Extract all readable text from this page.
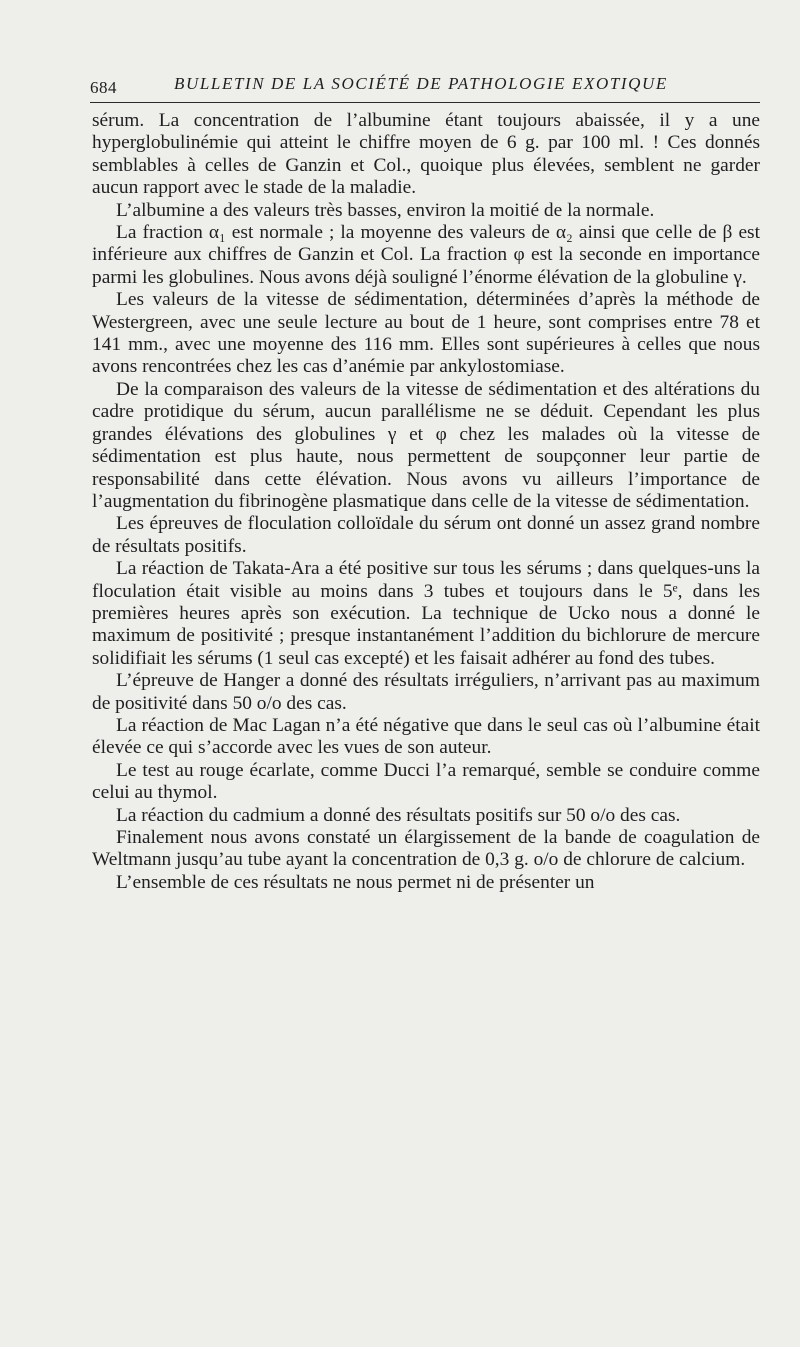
684	BULLETIN DE LA SOCIÉTÉ DE PATHOLOGIE EXOTIQUE

sérum. La concentration de l’albumine étant toujours abaissée, il y a une hyperglobulinémie qui atteint le chiffre moyen de 6 g. par 100 ml. ! Ces donnés semblables à celles de Ganzin et Col., quoique plus élevées, semblent ne garder aucun rapport avec le stade de la maladie.

L’albumine a des valeurs très basses, environ la moitié de la normale.

La fraction α₁ est normale ; la moyenne des valeurs de α₂ ainsi que celle de β est inférieure aux chiffres de Ganzin et Col. La fraction φ est la seconde en importance parmi les globulines. Nous avons déjà souligné l’énorme élévation de la globuline γ.

Les valeurs de la vitesse de sédimentation, déterminées d’après la méthode de Westergreen, avec une seule lecture au bout de 1 heure, sont comprises entre 78 et 141 mm., avec une moyenne des 116 mm. Elles sont supérieures à celles que nous avons rencontrées chez les cas d’anémie par ankylostomiase.

De la comparaison des valeurs de la vitesse de sédimentation et des altérations du cadre protidique du sérum, aucun parallélisme ne se déduit. Cependant les plus grandes élévations des globulines γ et φ chez les malades où la vitesse de sédimentation est plus haute, nous permettent de soupçonner leur partie de responsabilité dans cette élévation. Nous avons vu ailleurs l’importance de l’augmentation du fibrinogène plasmatique dans celle de la vitesse de sédimentation.

Les épreuves de floculation colloïdale du sérum ont donné un assez grand nombre de résultats positifs.

La réaction de Takata-Ara a été positive sur tous les sérums ; dans quelques-uns la floculation était visible au moins dans 3 tubes et toujours dans le 5ᵉ, dans les premières heures après son exécution. La technique de Ucko nous a donné le maximum de positivité ; presque instantanément l’addition du bichlorure de mercure solidifiait les sérums (1 seul cas excepté) et les faisait adhérer au fond des tubes.

L’épreuve de Hanger a donné des résultats irréguliers, n’arrivant pas au maximum de positivité dans 50 o/o des cas.

La réaction de Mac Lagan n’a été négative que dans le seul cas où l’albumine était élevée ce qui s’accorde avec les vues de son auteur.

Le test au rouge écarlate, comme Ducci l’a remarqué, semble se conduire comme celui au thymol.

La réaction du cadmium a donné des résultats positifs sur 50 o/o des cas.

Finalement nous avons constaté un élargissement de la bande de coagulation de Weltmann jusqu’au tube ayant la concentration de 0,3 g. o/o de chlorure de calcium.

L’ensemble de ces résultats ne nous permet ni de présenter un
